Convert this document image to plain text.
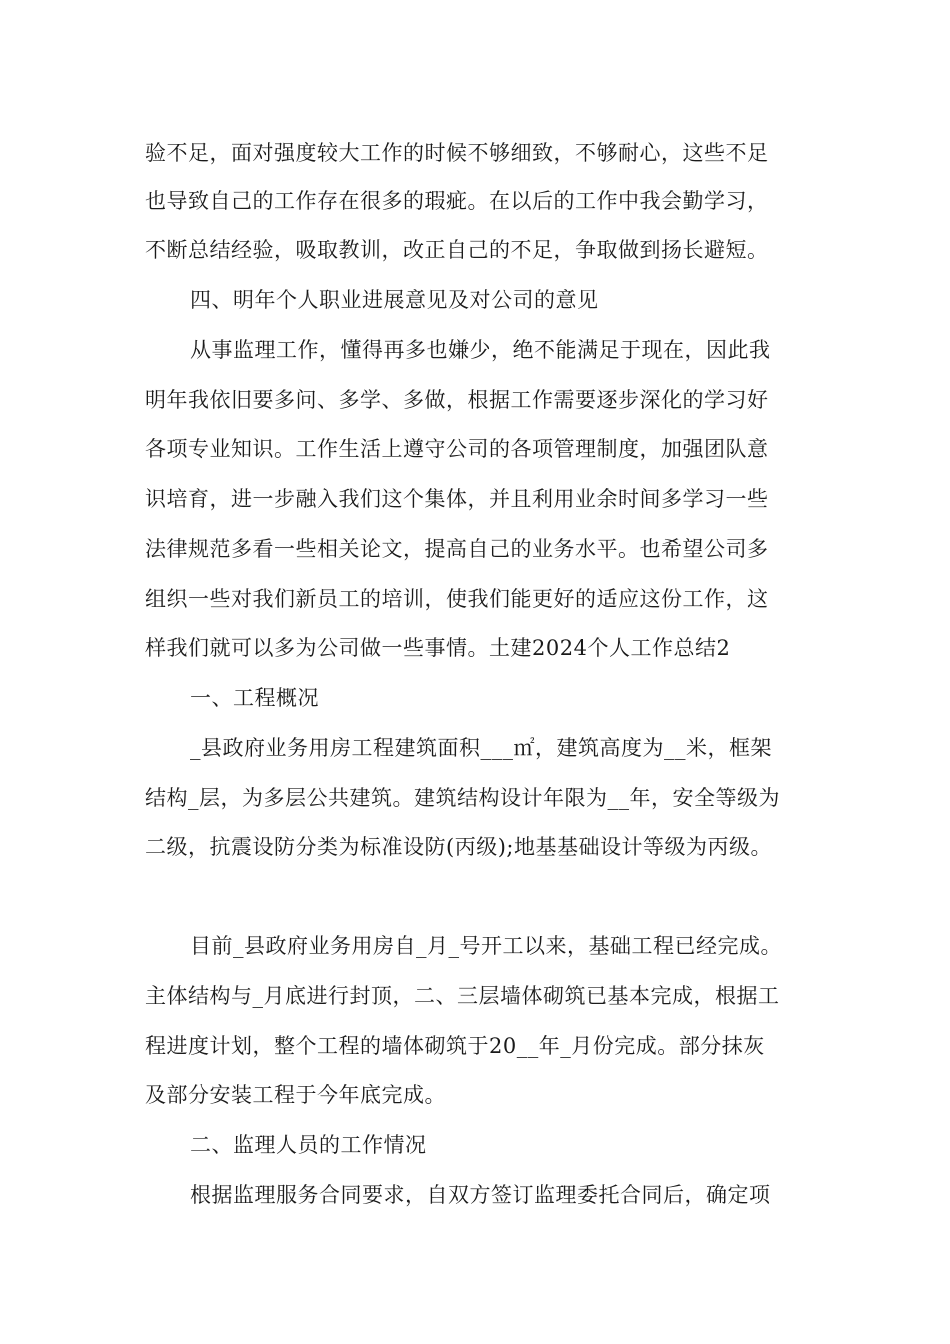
验不足，面对强度较大工作的时候不够细致，不够耐心，这些不足
也导致自己的工作存在很多的瑕疵。在以后的工作中我会勤学习，
不断总结经验，吸取教训，改正自己的不足，争取做到扬长避短。
四、明年个人职业进展意见及对公司的意见
从事监理工作，懂得再多也嫌少，绝不能满足于现在，因此我
明年我依旧要多问、多学、多做，根据工作需要逐步深化的学习好
各项专业知识。工作生活上遵守公司的各项管理制度，加强团队意
识培育，进一步融入我们这个集体，并且利用业余时间多学习一些
法律规范多看一些相关论文，提高自己的业务水平。也希望公司多
组织一些对我们新员工的培训，使我们能更好的适应这份工作，这
样我们就可以多为公司做一些事情。土建2024个人工作总结2
一、工程概况
_县政府业务用房工程建筑面积___㎡，建筑高度为__米，框架
结构_层，为多层公共建筑。建筑结构设计年限为__年，安全等级为
二级，抗震设防分类为标准设防(丙级);地基基础设计等级为丙级。
目前_县政府业务用房自_月_号开工以来，基础工程已经完成。
主体结构与_月底进行封顶，二、三层墙体砌筑已基本完成，根据工
程进度计划，整个工程的墙体砌筑于20__年_月份完成。部分抹灰
及部分安装工程于今年底完成。
二、监理人员的工作情况
根据监理服务合同要求，自双方签订监理委托合同后，确定项
